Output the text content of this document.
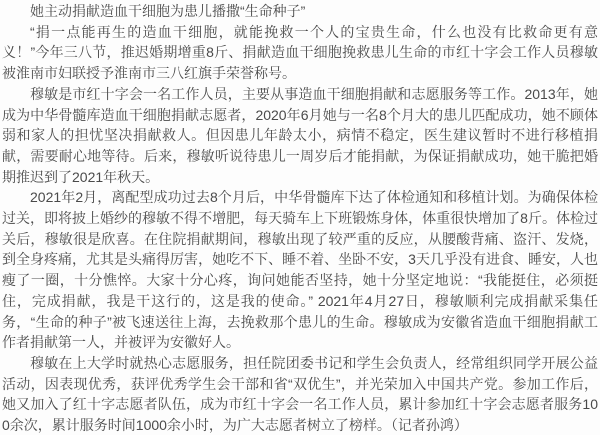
她主动捐献造血干细胞为患儿播撒“生命种子”

“捐一点能再生的造血干细胞，就能挽救一个人的宝贵生命，什么也没有比救命更有意义！”今年三八节，推迟婚期增重8斤、捐献造血干细胞挽救患儿生命的市红十字会工作人员穆敏被淮南市妇联授予淮南市三八红旗手荣誉称号。

穆敏是市红十字会一名工作人员，主要从事造血干细胞捐献和志愿服务等工作。2013年，她成为中华骨髓库造血干细胞捐献志愿者，2020年6月她与一名8个月大的患儿匹配成功，她不顾体弱和家人的担忧坚决捐献救人。但因患儿年龄太小，病情不稳定，医生建议暂时不进行移植捐献，需要耐心地等待。后来，穆敏听说待患儿一周岁后才能捐献，为保证捐献成功，她干脆把婚期推迟到了2021年秋天。

2021年2月，离配型成功过去8个月后，中华骨髓库下达了体检通知和移植计划。为确保体检过关，即将披上婚纱的穆敏不得不增肥，每天骑车上下班锻炼身体，体重很快增加了8斤。体检过关后，穆敏很是欣喜。在住院捐献期间，穆敏出现了较严重的反应，从腰酸背痛、盗汗、发烧，到全身疼痛，尤其是头痛得厉害，她吃不下、睡不着、坐卧不安，3天几乎没有进食、睡安，人也瘦了一圈，十分憔悴。大家十分心疼，询问她能否坚持，她十分坚定地说：“我能挺住，必须挺住，完成捐献，我是干这行的，这是我的使命。” 2021年4月27日，穆敏顺利完成捐献采集任务，“生命的种子”被飞速送往上海，去挽救那个患儿的生命。穆敏成为安徽省造血干细胞捐献工作者捐献第一人，并被评为安徽好人。

穆敏在上大学时就热心志愿服务，担任院团委书记和学生会负责人，经常组织同学开展公益活动，因表现优秀，获评优秀学生会干部和省“双优生”，并光荣加入中国共产党。参加工作后，她又加入了红十字志愿者队伍，成为市红十字会一名工作人员，累计参加红十字会志愿者服务100余次，累计服务时间1000余小时，为广大志愿者树立了榜样。（记者孙鸿）
